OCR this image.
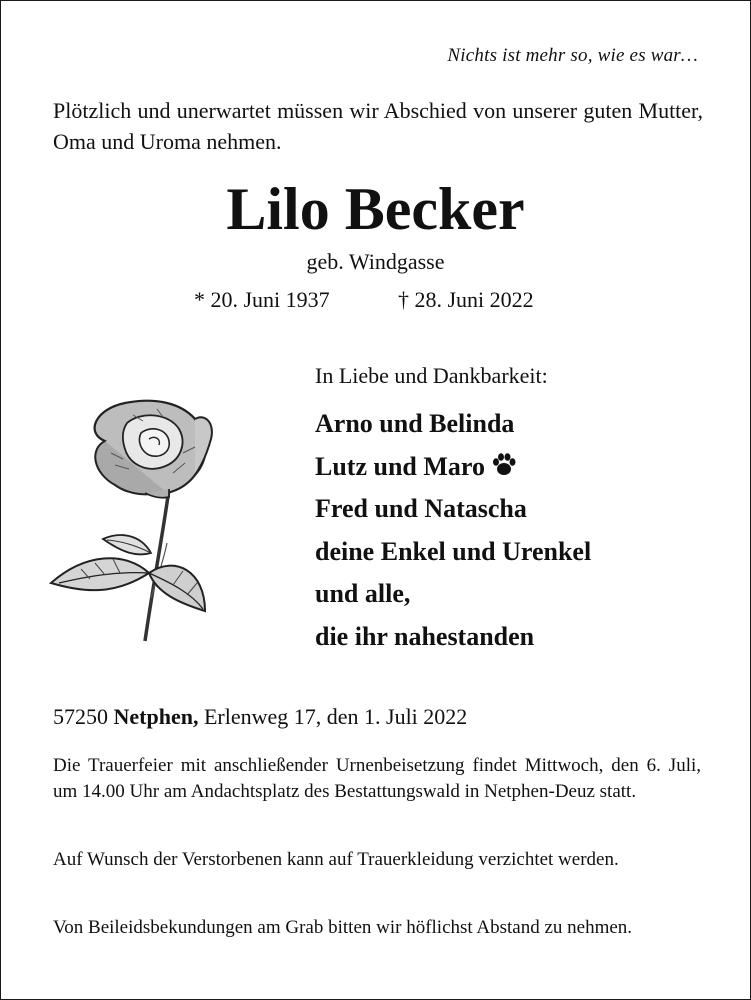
Nichts ist mehr so, wie es war…
Plötzlich und unerwartet müssen wir Abschied von unserer guten Mutter, Oma und Uroma nehmen.
Lilo Becker
geb. Windgasse
* 20. Juni 1937	† 28. Juni 2022
In Liebe und Dankbarkeit:
Arno und Belinda
Lutz und Maro
Fred und Natascha
deine Enkel und Urenkel
und alle,
die ihr nahestanden
57250 Netphen, Erlenweg 17, den 1. Juli 2022
Die Trauerfeier mit anschließender Urnenbeisetzung findet Mittwoch, den 6. Juli, um 14.00 Uhr am Andachtsplatz des Bestattungswald in Netphen-Deuz statt.
Auf Wunsch der Verstorbenen kann auf Trauerkleidung verzichtet werden.
Von Beileidsbekundungen am Grab bitten wir höflichst Abstand zu nehmen.
